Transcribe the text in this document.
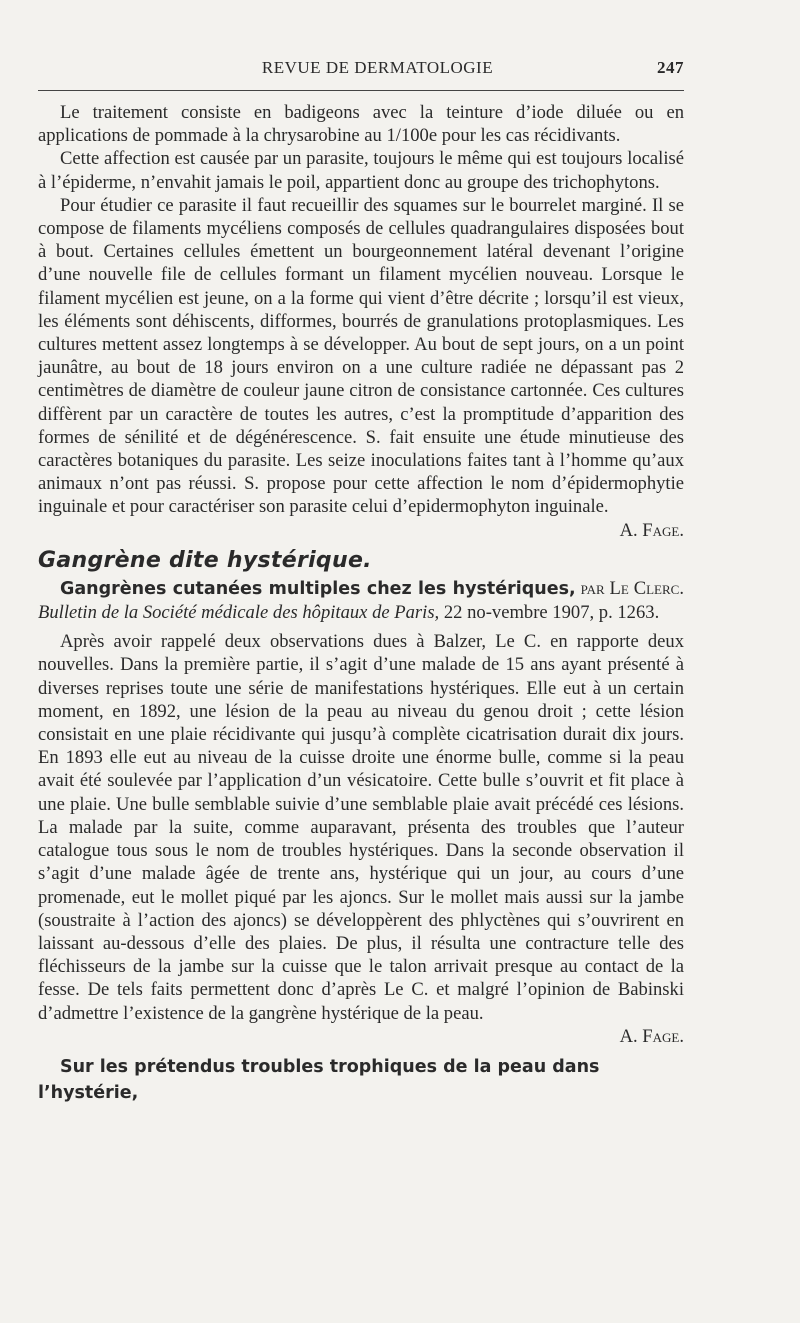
REVUE DE DERMATOLOGIE	247

Le traitement consiste en badigeons avec la teinture d’iode diluée ou en applications de pommade à la chrysarobine au 1/100e pour les cas récidivants.

Cette affection est causée par un parasite, toujours le même qui est toujours localisé à l’épiderme, n’envahit jamais le poil, appartient donc au groupe des trichophytons.

Pour étudier ce parasite il faut recueillir des squames sur le bourrelet marginé. Il se compose de filaments mycéliens composés de cellules quadrangulaires disposées bout à bout. Certaines cellules émettent un bourgeonnement latéral devenant l’origine d’une nouvelle file de cellules formant un filament mycélien nouveau. Lorsque le filament mycélien est jeune, on a la forme qui vient d’être décrite ; lorsqu’il est vieux, les éléments sont déhiscents, difformes, bourrés de granulations protoplasmiques. Les cultures mettent assez longtemps à se développer. Au bout de sept jours, on a un point jaunâtre, au bout de 18 jours environ on a une culture radiée ne dépassant pas 2 centimètres de diamètre de couleur jaune citron de consistance cartonnée. Ces cultures diffèrent par un caractère de toutes les autres, c’est la promptitude d’apparition des formes de sénilité et de dégénérescence. S. fait ensuite une étude minutieuse des caractères botaniques du parasite. Les seize inoculations faites tant à l’homme qu’aux animaux n’ont pas réussi. S. propose pour cette affection le nom d’épidermophytie inguinale et pour caractériser son parasite celui d’epidermophyton inguinale.

A. Fage.
Gangrène dite hystérique.
Gangrènes cutanées multiples chez les hystériques, par Le Clerc. Bulletin de la Société médicale des hôpitaux de Paris, 22 no-vembre 1907, p. 1263.

Après avoir rappelé deux observations dues à Balzer, Le C. en rapporte deux nouvelles. Dans la première partie, il s’agit d’une malade de 15 ans ayant présenté à diverses reprises toute une série de manifestations hystériques. Elle eut à un certain moment, en 1892, une lésion de la peau au niveau du genou droit ; cette lésion consistait en une plaie récidivante qui jusqu’à complète cicatrisation durait dix jours. En 1893 elle eut au niveau de la cuisse droite une énorme bulle, comme si la peau avait été soulevée par l’application d’un vésicatoire. Cette bulle s’ouvrit et fit place à une plaie. Une bulle semblable suivie d’une semblable plaie avait précédé ces lésions. La malade par la suite, comme auparavant, présenta des troubles que l’auteur catalogue tous sous le nom de troubles hystériques. Dans la seconde observation il s’agit d’une malade âgée de trente ans, hystérique qui un jour, au cours d’une promenade, eut le mollet piqué par les ajoncs. Sur le mollet mais aussi sur la jambe (soustraite à l’action des ajoncs) se développèrent des phlyctènes qui s’ouvrirent en laissant au-dessous d’elle des plaies. De plus, il résulta une contracture telle des fléchisseurs de la jambe sur la cuisse que le talon arrivait presque au contact de la fesse. De tels faits permettent donc d’après Le C. et malgré l’opinion de Babinski d’admettre l’existence de la gangrène hystérique de la peau.

A. Fage.
Sur les prétendus troubles trophiques de la peau dans l’hystérie,
